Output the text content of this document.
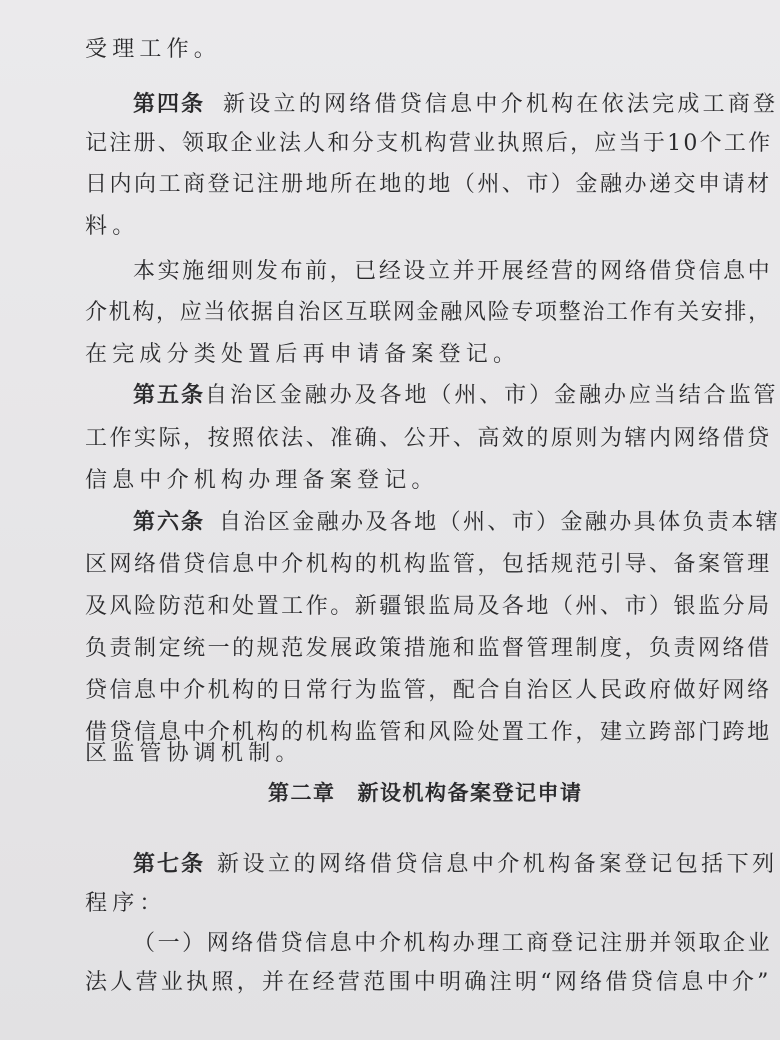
受理工作。
第四条 新设立的网络借贷信息中介机构在依法完成工商登
记注册、领取企业法人和分支机构营业执照后，应当于10个工作
日内向工商登记注册地所在地的地（州、市）金融办递交申请材
料。
本实施细则发布前，已经设立并开展经营的网络借贷信息中
介机构，应当依据自治区互联网金融风险专项整治工作有关安排，
在完成分类处置后再申请备案登记。
第五条自治区金融办及各地（州、市）金融办应当结合监管
工作实际，按照依法、准确、公开、高效的原则为辖内网络借贷
信息中介机构办理备案登记。
第六条 自治区金融办及各地（州、市）金融办具体负责本辖
区网络借贷信息中介机构的机构监管，包括规范引导、备案管理
及风险防范和处置工作。新疆银监局及各地（州、市）银监分局
负责制定统一的规范发展政策措施和监督管理制度，负责网络借
贷信息中介机构的日常行为监管，配合自治区人民政府做好网络
借贷信息中介机构的机构监管和风险处置工作，建立跨部门跨地
区监管协调机制。
第二章 新设机构备案登记申请
第七条 新设立的网络借贷信息中介机构备案登记包括下列
程序：
（一）网络借贷信息中介机构办理工商登记注册并领取企业
法人营业执照，并在经营范围中明确注明“网络借贷信息中介”
